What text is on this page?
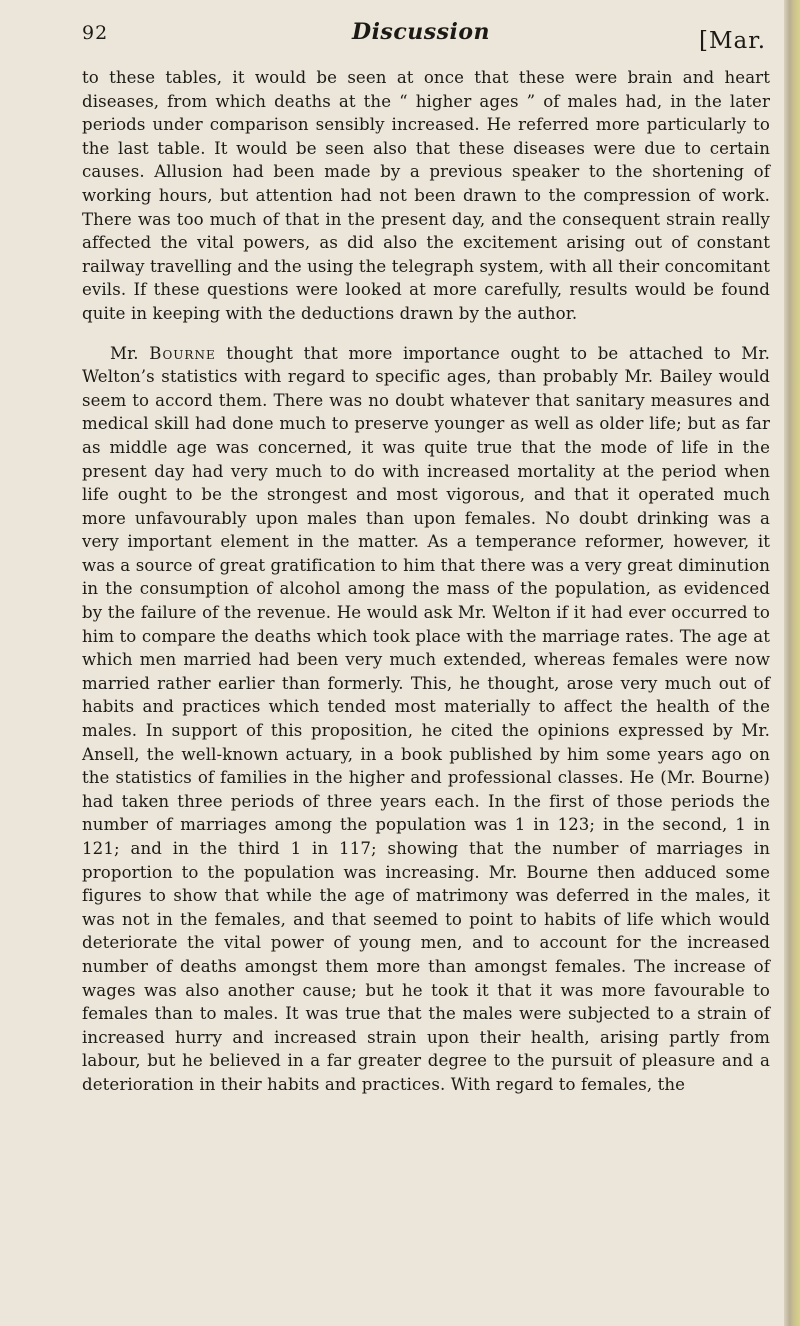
92	Discussion	[Mar.

to these tables, it would be seen at once that these were brain and heart diseases, from which deaths at the “ higher ages ” of males had, in the later periods under comparison sensibly increased. He referred more particularly to the last table. It would be seen also that these diseases were due to certain causes. Allusion had been made by a previous speaker to the shortening of working hours, but attention had not been drawn to the compression of work. There was too much of that in the present day, and the consequent strain really affected the vital powers, as did also the excitement arising out of constant railway travelling and the using the telegraph system, with all their concomitant evils. If these questions were looked at more carefully, results would be found quite in keeping with the deductions drawn by the author.

Mr. Bourne thought that more importance ought to be attached to Mr. Welton’s statistics with regard to specific ages, than probably Mr. Bailey would seem to accord them. There was no doubt whatever that sanitary measures and medical skill had done much to preserve younger as well as older life; but as far as middle age was concerned, it was quite true that the mode of life in the present day had very much to do with increased mortality at the period when life ought to be the strongest and most vigorous, and that it operated much more unfavourably upon males than upon females. No doubt drinking was a very important element in the matter. As a temperance reformer, however, it was a source of great gratification to him that there was a very great diminution in the consumption of alcohol among the mass of the population, as evidenced by the failure of the revenue. He would ask Mr. Welton if it had ever occurred to him to compare the deaths which took place with the marriage rates. The age at which men married had been very much extended, whereas females were now married rather earlier than formerly. This, he thought, arose very much out of habits and practices which tended most materially to affect the health of the males. In support of this proposition, he cited the opinions expressed by Mr. Ansell, the well-known actuary, in a book published by him some years ago on the statistics of families in the higher and professional classes. He (Mr. Bourne) had taken three periods of three years each. In the first of those periods the number of marriages among the population was 1 in 123; in the second, 1 in 121; and in the third 1 in 117; showing that the number of marriages in proportion to the population was increasing. Mr. Bourne then adduced some figures to show that while the age of matrimony was deferred in the males, it was not in the females, and that seemed to point to habits of life which would deteriorate the vital power of young men, and to account for the increased number of deaths amongst them more than amongst females. The increase of wages was also another cause; but he took it that it was more favourable to females than to males. It was true that the males were subjected to a strain of increased hurry and increased strain upon their health, arising partly from labour, but he believed in a far greater degree to the pursuit of pleasure and a deterioration in their habits and practices. With regard to females, the
